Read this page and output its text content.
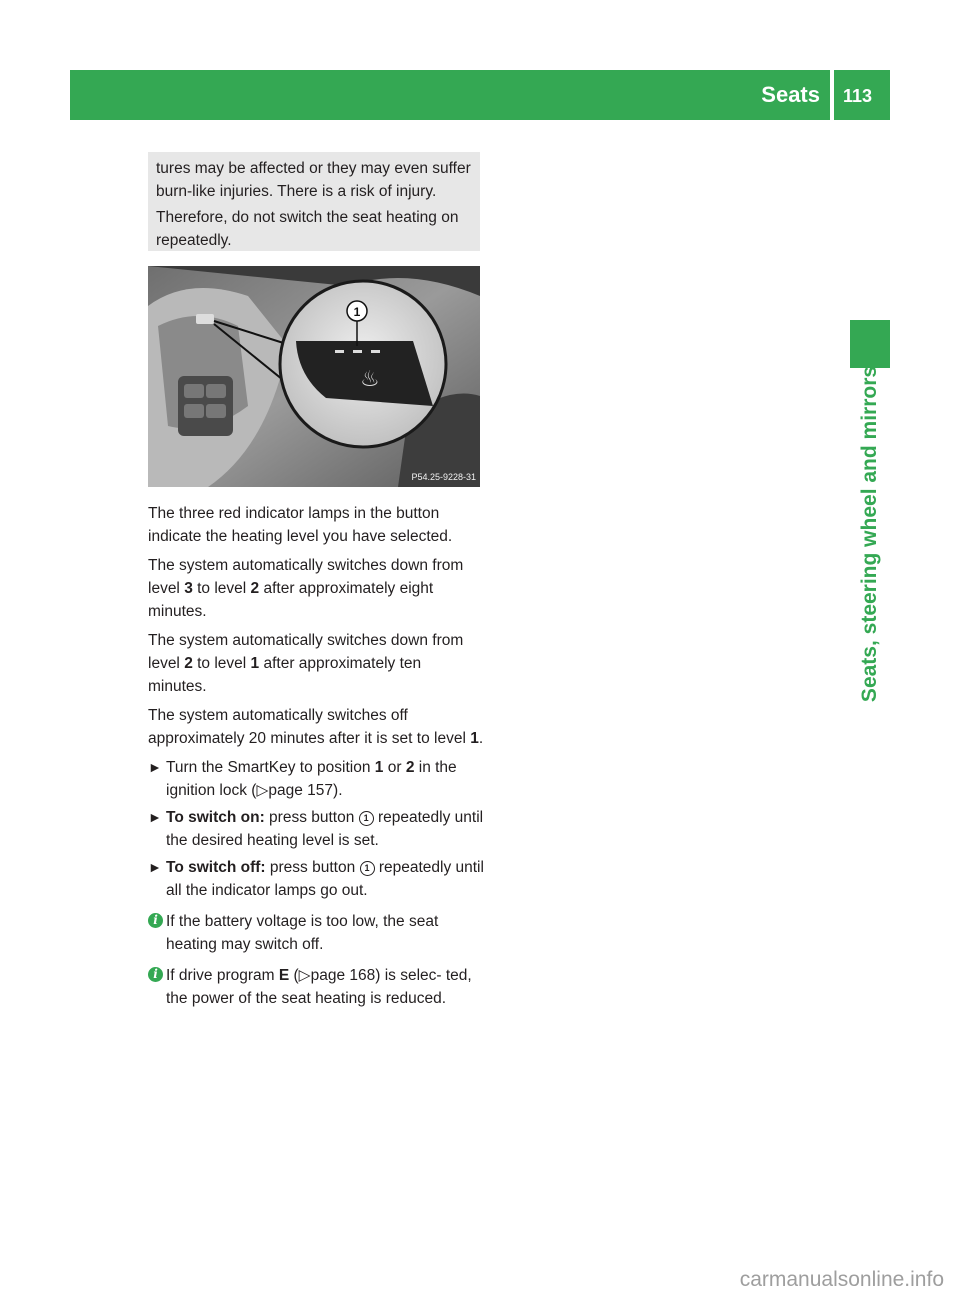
Seats 113
Seats, steering wheel and mirrors

tures may be affected or they may even suffer

burn-like injuries. There is a risk of injury.

Therefore, do not switch the seat heating on

repeatedly.

♨
1
P54.25-9228-31

The three red indicator lamps in the button indicate the heating level you have selected.

The system automatically switches down from level 3 to level 2 after approximately eight minutes.

The system automatically switches down from level 2 to level 1 after approximately ten minutes.

The system automatically switches off approximately 20 minutes after it is set to level 1.

► Turn the SmartKey to position 1 or 2 in the ignition lock (▷page 157).
► To switch on: press button 1 repeatedly until the desired heating level is set.
► To switch off: press button 1 repeatedly until all the indicator lamps go out.
i If the battery voltage is too low, the seat heating may switch off.
i If drive program E (▷page 168) is selec- ted, the power of the seat heating is reduced.
carmanualsonline.info
